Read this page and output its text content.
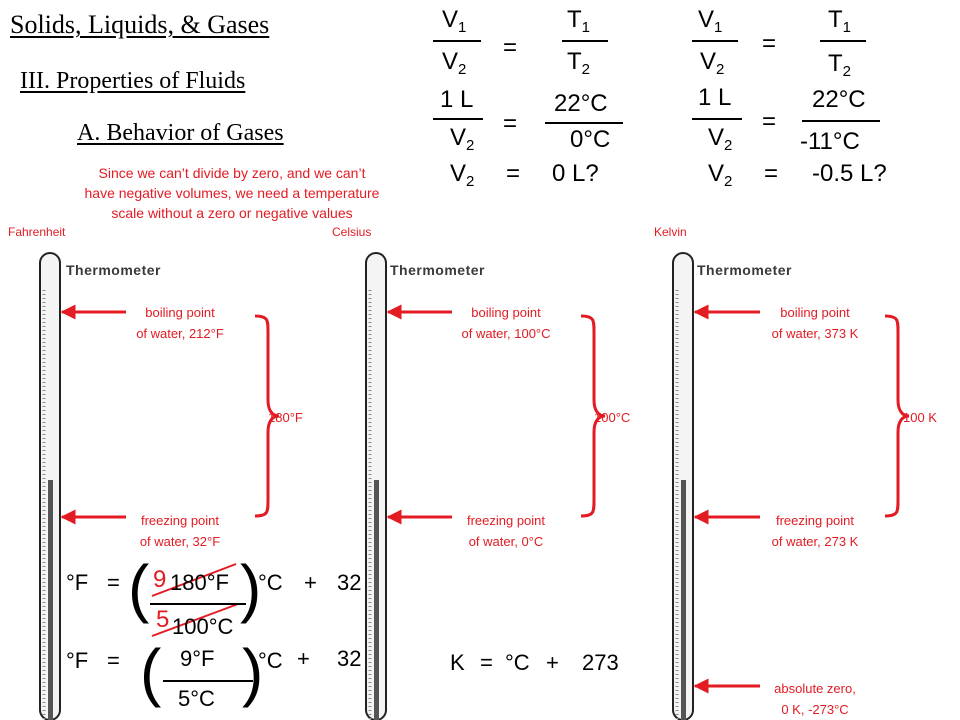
Solids, Liquids, & Gases
III. Properties of Fluids
A. Behavior of Gases
Since we can’t divide by zero, and we can’t
have negative volumes, we need a temperature
scale without a zero or negative values
$V_1$
$V_2$
=
$T_1$
$T_2$
1 L
$V_2$
=
22°C
0°C
$V_2 = 0$ L?
$V_1$
$V_2$
=
$T_1$
$T_2$
1 L
$V_2$
=
22°C
-11°C
$V_2 = -0.5$ L?
Fahrenheit	Celsius	Kelvin
Thermometer	Thermometer	Thermometer
boiling point
of water, 212°F
180°F
freezing point
of water, 32°F
boiling point
of water, 100°C
100°C
freezing point
of water, 0°C
boiling point
of water, 373 K
100 K
freezing point
of water, 273 K
absolute zero,
0 K, -273°C
°F = ( 180°F
9
100°C
5 )
°C + 32
°F = ( 9°F
5°C )
°C + 32	K = °C + 273
